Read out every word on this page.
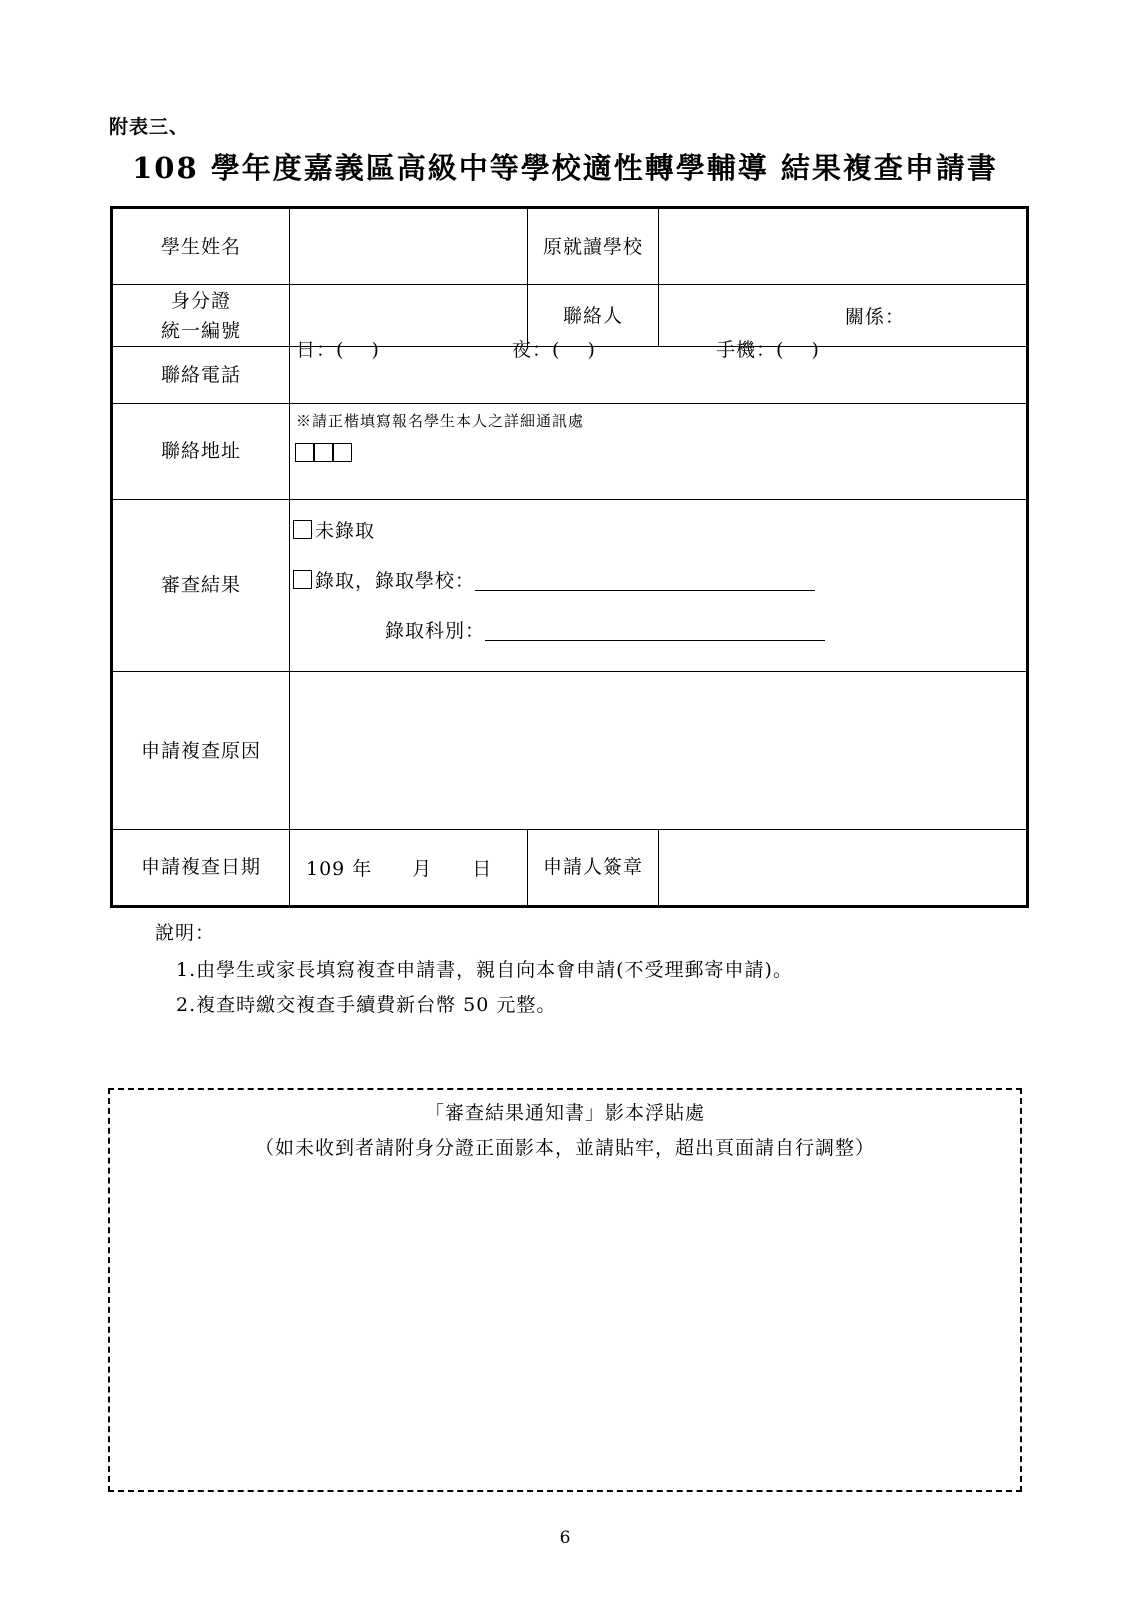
附表三、
108 學年度嘉義區高級中等學校適性轉學輔導 結果複查申請書
學生姓名		原就讀學校	

身分證
統一編號		聯絡人	關係：
聯絡電話	日：(　 ) 夜：(　 ) 手機：(　 )		

聯絡地址	※請正楷填寫報名學生本人之詳細通訊處		

審查結果	未錄取
錄取，錄取學校：
錄取科別：		

申請複查原因			
申請複查日期	109 年　　月　　日	申請人簽章	
說明：
1.由學生或家長填寫複查申請書，親自向本會申請(不受理郵寄申請)。
2.複查時繳交複查手續費新台幣 50 元整。
「審查結果通知書」影本浮貼處
（如未收到者請附身分證正面影本，並請貼牢，超出頁面請自行調整）
6
